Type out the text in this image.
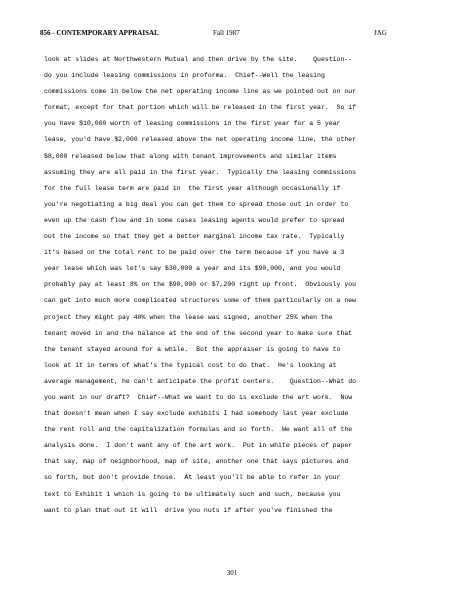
856 - CONTEMPORARY APPRAISAL	Fall 1987	JAG
look at slides at Northwestern Mutual and then drive by the site.    Question--
do you include leasing commissions in proforma.  Chief--Well the leasing
commissions come in below the net operating income line as we pointed out on our
format, except for that portion which will be released in the first year.  So if
you have $10,000 worth of leasing commissions in the first year for a 5 year
lease, you'd have $2,000 released above the net operating income line, the other
$8,000 released below that along with tenant improvements and similar items
assuming they are all paid in the first year.  Typically the leasing commissions
for the full lease term are paid in  the first year although occasionally if
you're negotiating a big deal you can get them to spread those out in order to
even up the cash flow and in some cases leasing agents would prefer to spread
out the income so that they get a better marginal income tax rate.  Typically
it's based on the total rent to be paid over the term because if you have a 3
year lease which was let's say $30,000 a year and its $90,000, and you would
probably pay at least 8% on the $90,000 or $7,200 right up front.  Obviously you
can get into much more complicated structures some of them particularly on a new
project they might pay 40% when the lease was signed, another 25% when the
tenant moved in and the balance at the end of the second year to make sure that
the tenant stayed around for a while.  But the appraiser is going to have to
look at it in terms of what's the typical cost to do that.  He's looking at
average management, he can't anticipate the profit centers.    Question--What do
you want in our draft?  Chief--What we want to do is exclude the art work.  Now
that doesn't mean when I say exclude exhibits I had somebody last year exclude
the rent roll and the capitalization formulas and so forth.  We want all of the
analysis done.  I don't want any of the art work.  Put in white pieces of paper
that say, map of neighborhood, map of site, another one that says pictures and
so forth, but don't provide those.  At least you'll be able to refer in your
text to Exhibit 1 which is going to be ultimately such and such, because you
want to plan that out it will  drive you nuts if after you've finished the
301
